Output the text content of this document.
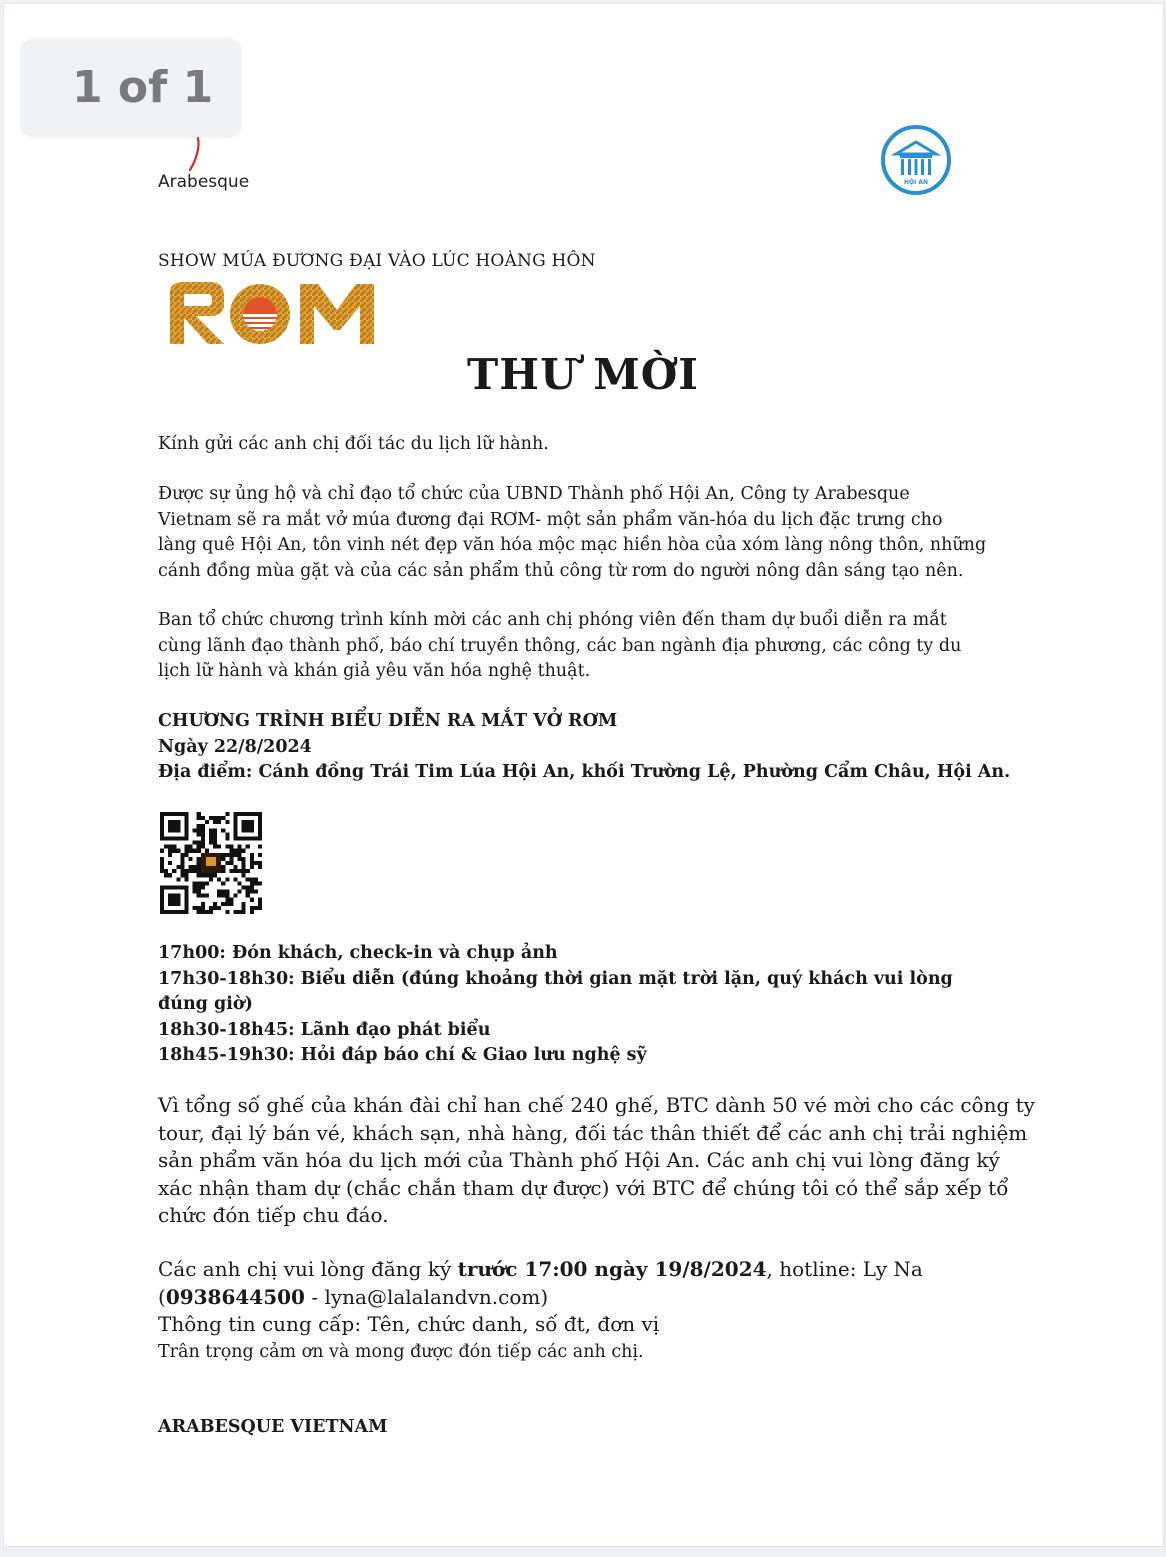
1 of 1
Arabesque	HỘI AN
SHOW MÚA ĐƯƠNG ĐẠI VÀO LÚC HOÀNG HÔN
THƯ MỜI
Kính gửi các anh chị đối tác du lịch lữ hành.
Được sự ủng hộ và chỉ đạo tổ chức của UBND Thành phố Hội An, Công ty Arabesque
Vietnam sẽ ra mắt vở múa đương đại RƠM- một sản phẩm văn-hóa du lịch đặc trưng cho
làng quê Hội An, tôn vinh nét đẹp văn hóa mộc mạc hiền hòa của xóm làng nông thôn, những
cánh đồng mùa gặt và của các sản phẩm thủ công từ rơm do người nông dân sáng tạo nên.
Ban tổ chức chương trình kính mời các anh chị phóng viên đến tham dự buổi diễn ra mắt
cùng lãnh đạo thành phố, báo chí truyền thông, các ban ngành địa phương, các công ty du
lịch lữ hành và khán giả yêu văn hóa nghệ thuật.
CHƯƠNG TRÌNH BIỂU DIỄN RA MẮT VỞ RƠM
Ngày 22/8/2024
Địa điểm: Cánh đồng Trái Tim Lúa Hội An, khối Trường Lệ, Phường Cẩm Châu, Hội An.
17h00: Đón khách, check-in và chụp ảnh
17h30-18h30: Biểu diễn (đúng khoảng thời gian mặt trời lặn, quý khách vui lòng
đúng giờ)
18h30-18h45: Lãnh đạo phát biểu
18h45-19h30: Hỏi đáp báo chí & Giao lưu nghệ sỹ
Vì tổng số ghế của khán đài chỉ han chế 240 ghế, BTC dành 50 vé mời cho các công ty
tour, đại lý bán vé, khách sạn, nhà hàng, đối tác thân thiết để các anh chị trải nghiệm
sản phẩm văn hóa du lịch mới của Thành phố Hội An. Các anh chị vui lòng đăng ký
xác nhận tham dự (chắc chắn tham dự được) với BTC để chúng tôi có thể sắp xếp tổ
chức đón tiếp chu đáo.
Các anh chị vui lòng đăng ký trước 17:00 ngày 19/8/2024, hotline: Ly Na
(0938644500 - lyna@lalalandvn.com)
Thông tin cung cấp: Tên, chức danh, số đt, đơn vị
Trân trọng cảm ơn và mong được đón tiếp các anh chị.
ARABESQUE VIETNAM
